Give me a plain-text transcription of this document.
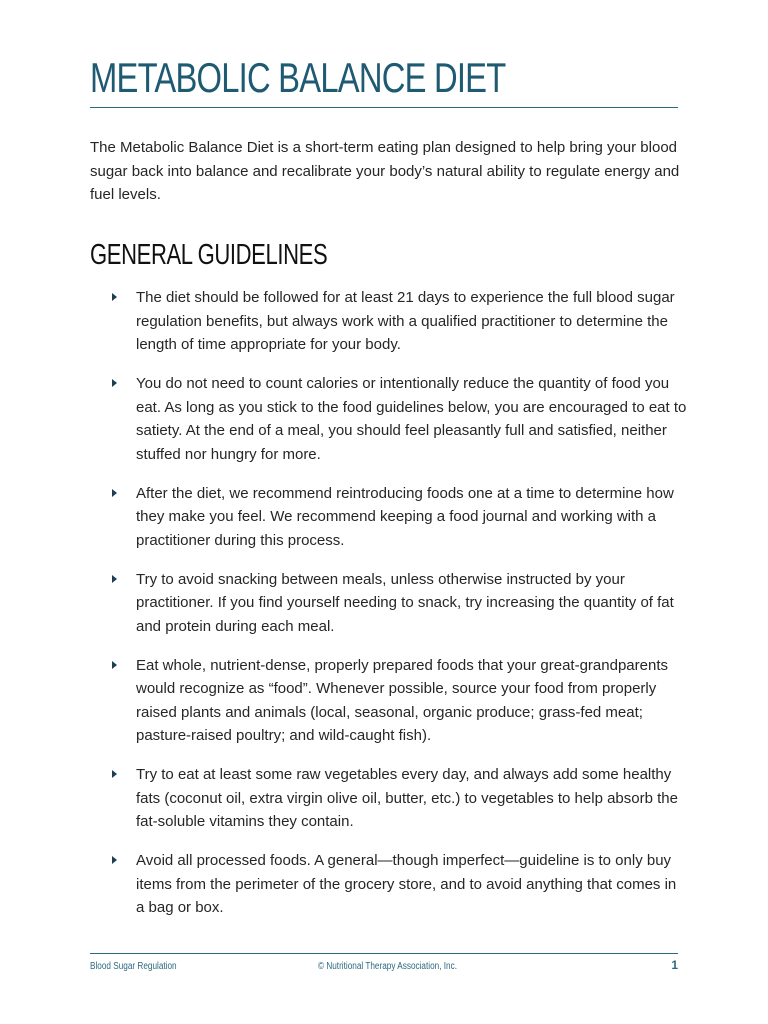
METABOLIC BALANCE DIET

The Metabolic Balance Diet is a short-term eating plan designed to help bring your blood sugar back into balance and recalibrate your body’s natural ability to regulate energy and fuel levels.

GENERAL GUIDELINES
The diet should be followed for at least 21 days to experience the full blood sugar regulation benefits, but always work with a qualified practitioner to determine the length of time appropriate for your body.
You do not need to count calories or intentionally reduce the quantity of food you eat. As long as you stick to the food guidelines below, you are encouraged to eat to satiety. At the end of a meal, you should feel pleasantly full and satisfied, neither stuffed nor hungry for more.
After the diet, we recommend reintroducing foods one at a time to determine how they make you feel. We recommend keeping a food journal and working with a practitioner during this process.
Try to avoid snacking between meals, unless otherwise instructed by your practitioner. If you find yourself needing to snack, try increasing the quantity of fat and protein during each meal.
Eat whole, nutrient-dense, properly prepared foods that your great-grandparents would recognize as “food”. Whenever possible, source your food from properly raised plants and animals (local, seasonal, organic produce; grass-fed meat; pasture-raised poultry; and wild-caught fish).
Try to eat at least some raw vegetables every day, and always add some healthy fats (coconut oil, extra virgin olive oil, butter, etc.) to vegetables to help absorb the fat-soluble vitamins they contain.
Avoid all processed foods. A general—though imperfect—guideline is to only buy items from the perimeter of the grocery store, and to avoid anything that comes in a bag or box.
Blood Sugar Regulation	© Nutritional Therapy Association, Inc.	1
